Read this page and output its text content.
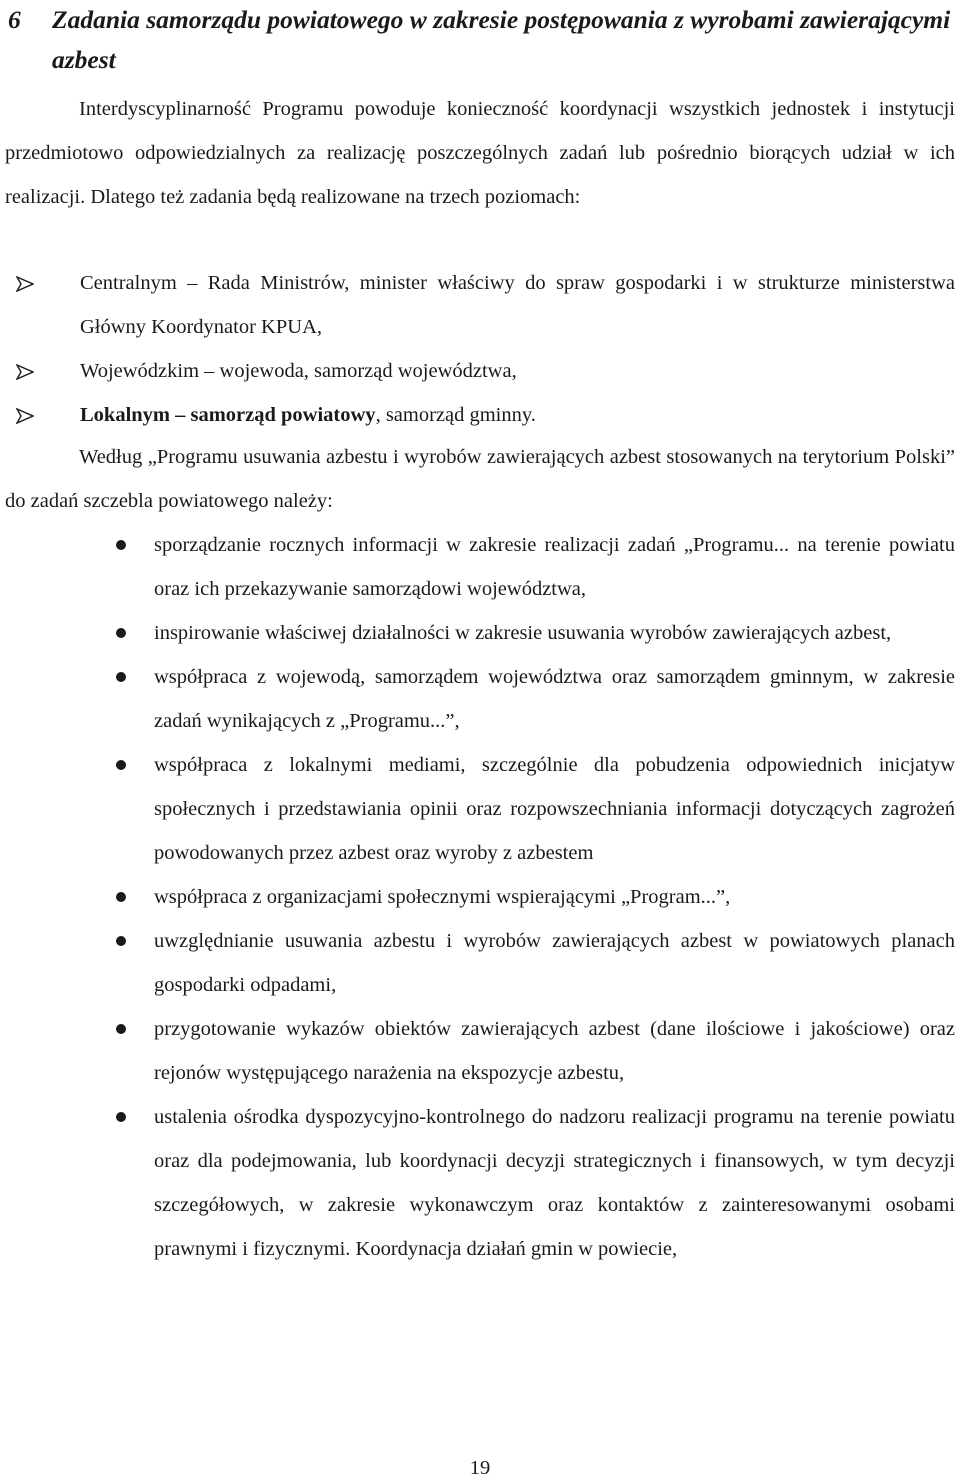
6 Zadania samorządu powiatowego w zakresie postępowania z wyrobami zawierającymi azbest

Interdyscyplinarność Programu powoduje konieczność koordynacji wszystkich jednostek i instytucji przedmiotowo odpowiedzialnych za realizację poszczególnych zadań lub pośrednio biorących udział w ich realizacji. Dlatego też zadania będą realizowane na trzech poziomach:

Centralnym – Rada Ministrów, minister właściwy do spraw gospodarki i w strukturze ministerstwa Główny Koordynator KPUA,
Wojewódzkim – wojewoda, samorząd województwa,
Lokalnym – samorząd powiatowy, samorząd gminny.

Według „Programu usuwania azbestu i wyrobów zawierających azbest stosowanych na terytorium Polski” do zadań szczebla powiatowego należy:

sporządzanie rocznych informacji w zakresie realizacji zadań „Programu... na terenie powiatu oraz ich przekazywanie samorządowi województwa,
inspirowanie właściwej działalności w zakresie usuwania wyrobów zawierających azbest,
współpraca z wojewodą, samorządem województwa oraz samorządem gminnym, w zakresie zadań wynikających z „Programu...”,
współpraca z lokalnymi mediami, szczególnie dla pobudzenia odpowiednich inicjatyw społecznych i przedstawiania opinii oraz rozpowszechniania informacji dotyczących zagrożeń powodowanych przez azbest oraz wyroby z azbestem
współpraca z organizacjami społecznymi wspierającymi „Program...”,
uwzględnianie usuwania azbestu i wyrobów zawierających azbest w powiatowych planach gospodarki odpadami,
przygotowanie wykazów obiektów zawierających azbest (dane ilościowe i jakościowe) oraz rejonów występującego narażenia na ekspozycje azbestu,
ustalenia ośrodka dyspozycyjno-kontrolnego do nadzoru realizacji programu na terenie powiatu oraz dla podejmowania, lub koordynacji decyzji strategicznych i finansowych, w tym decyzji szczegółowych, w zakresie wykonawczym oraz kontaktów z zainteresowanymi osobami prawnymi i fizycznymi. Koordynacja działań gmin w powiecie,
19
